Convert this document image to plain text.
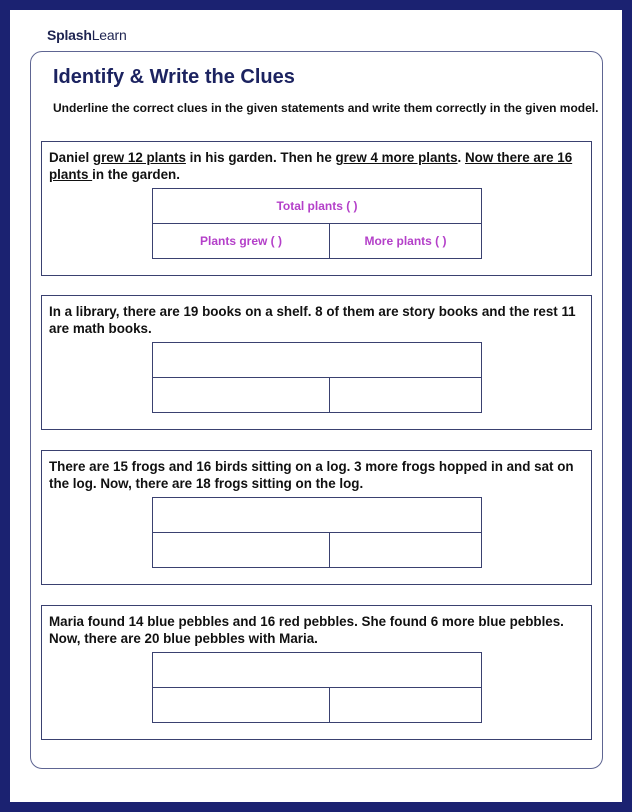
SplashLearn
Identify & Write the Clues
Underline the correct clues in the given statements and write them correctly in the given model.
Daniel grew 12 plants in his garden. Then he grew 4 more plants. Now there are 16 plants in the garden.
Total plants ( )
Plants grew ( )	More plants ( )
In a library, there are 19 books on a shelf. 8 of them are story books and the rest 11 are math books.
There are 15 frogs and 16 birds sitting on a log. 3 more frogs hopped in and sat on the log. Now, there are 18 frogs sitting on the log.
Maria found 14 blue pebbles and 16 red pebbles. She found 6 more blue pebbles. Now, there are 20 blue pebbles with Maria.
